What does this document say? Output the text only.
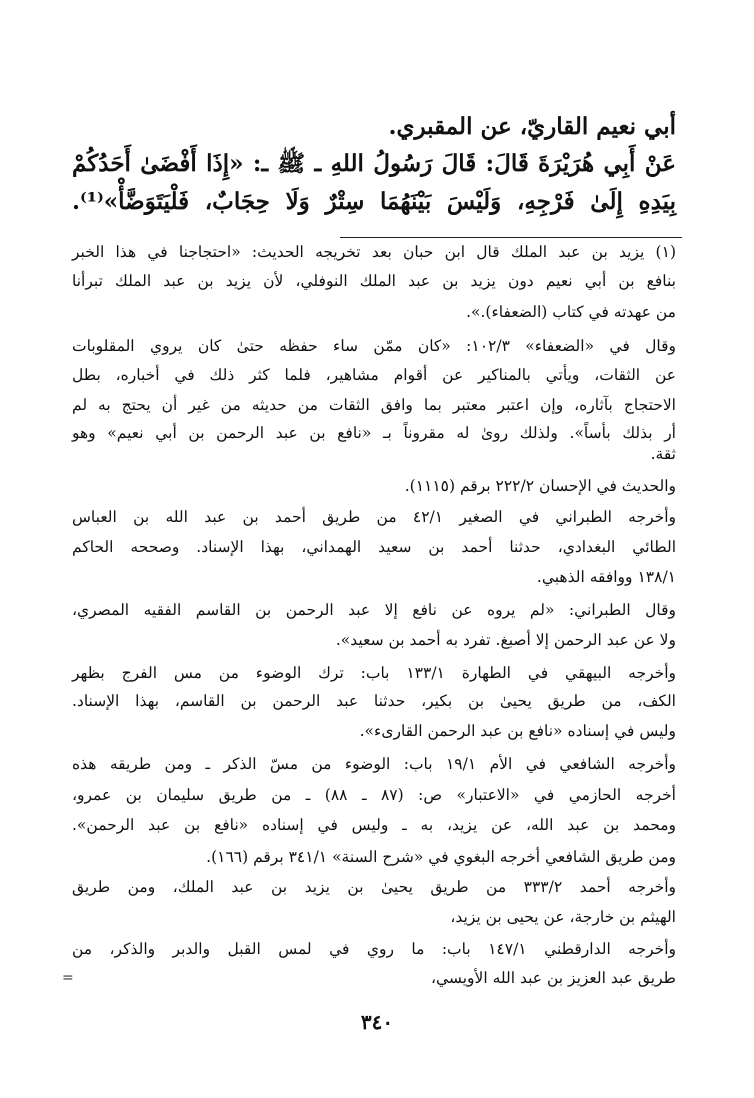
أبي نعيم القاريّ، عن المقبري.
عَنْ أَبِي هُرَيْرَةَ قَالَ: قَالَ رَسُولُ اللهِ ـ ﷺ ـ: «إِذَا أَفْضَىٰ أَحَدُكُمْ
بِيَدِهِ إِلَىٰ فَرْجِهِ، وَلَيْسَ بَيْنَهُمَا سِتْرٌ وَلَا حِجَابٌ، فَلْيَتَوَضَّأْ»⁽¹⁾.
(١) يزيد بن عبد الملك قال ابن حبان بعد تخريجه الحديث: «احتجاجنا في هذا الخبر
بنافع بن أبي نعيم دون يزيد بن عبد الملك النوفلي، لأن يزيد بن عبد الملك تبرأنا
من عهدته في كتاب (الضعفاء).».
وقال في «الضعفاء» ١٠٢/٣: «كان ممّن ساء حفظه حتىٰ كان يروي المقلوبات
عن الثقات، ويأتي بالمناكير عن أقوام مشاهير، فلما كثر ذلك في أخباره، بطل
الاحتجاج بآثاره، وإن اعتبر معتبر بما وافق الثقات من حديثه من غير أن يحتج به لم
أر بذلك بأساً». ولذلك روىٰ له مقروناً بـ «نافع بن عبد الرحمن بن أبي نعيم» وهو
ثقة.
والحديث في الإحسان ٢٢٢/٢ برقم (١١١٥).
وأخرجه الطبراني في الصغير ٤٢/١ من طريق أحمد بن عبد الله بن العباس
الطائي البغدادي، حدثنا أحمد بن سعيد الهمداني، بهذا الإسناد. وصححه الحاكم
١٣٨/١ ووافقه الذهبي.
وقال الطبراني: «لم يروه عن نافع إلا عبد الرحمن بن القاسم الفقيه المصري،
ولا عن عبد الرحمن إلا أصبغ. تفرد به أحمد بن سعيد».
وأخرجه البيهقي في الطهارة ١٣٣/١ باب: ترك الوضوء من مس الفرج بظهر
الكف، من طريق يحيىٰ بن بكير، حدثنا عبد الرحمن بن القاسم، بهذا الإسناد.
وليس في إسناده «نافع بن عبد الرحمن القارىء».
وأخرجه الشافعي في الأم ١٩/١ باب: الوضوء من مسّ الذكر ـ ومن طريقه هذه
أخرجه الحازمي في «الاعتبار» ص: (٨٧ ـ ٨٨) ـ من طريق سليمان بن عمرو،
ومحمد بن عبد الله، عن يزيد، به ـ وليس في إسناده «نافع بن عبد الرحمن».
ومن طريق الشافعي أخرجه البغوي في «شرح السنة» ٣٤١/١ برقم (١٦٦).
وأخرجه أحمد ٣٣٣/٢ من طريق يحيىٰ بن يزيد بن عبد الملك، ومن طريق
الهيثم بن خارجة، عن يحيى بن يزيد،
وأخرجه الدارقطني ١٤٧/١ باب: ما روي في لمس القبل والدبر والذكر، من
طريق عبد العزيز بن عبد الله الأويسي،
=
٣٤٠
